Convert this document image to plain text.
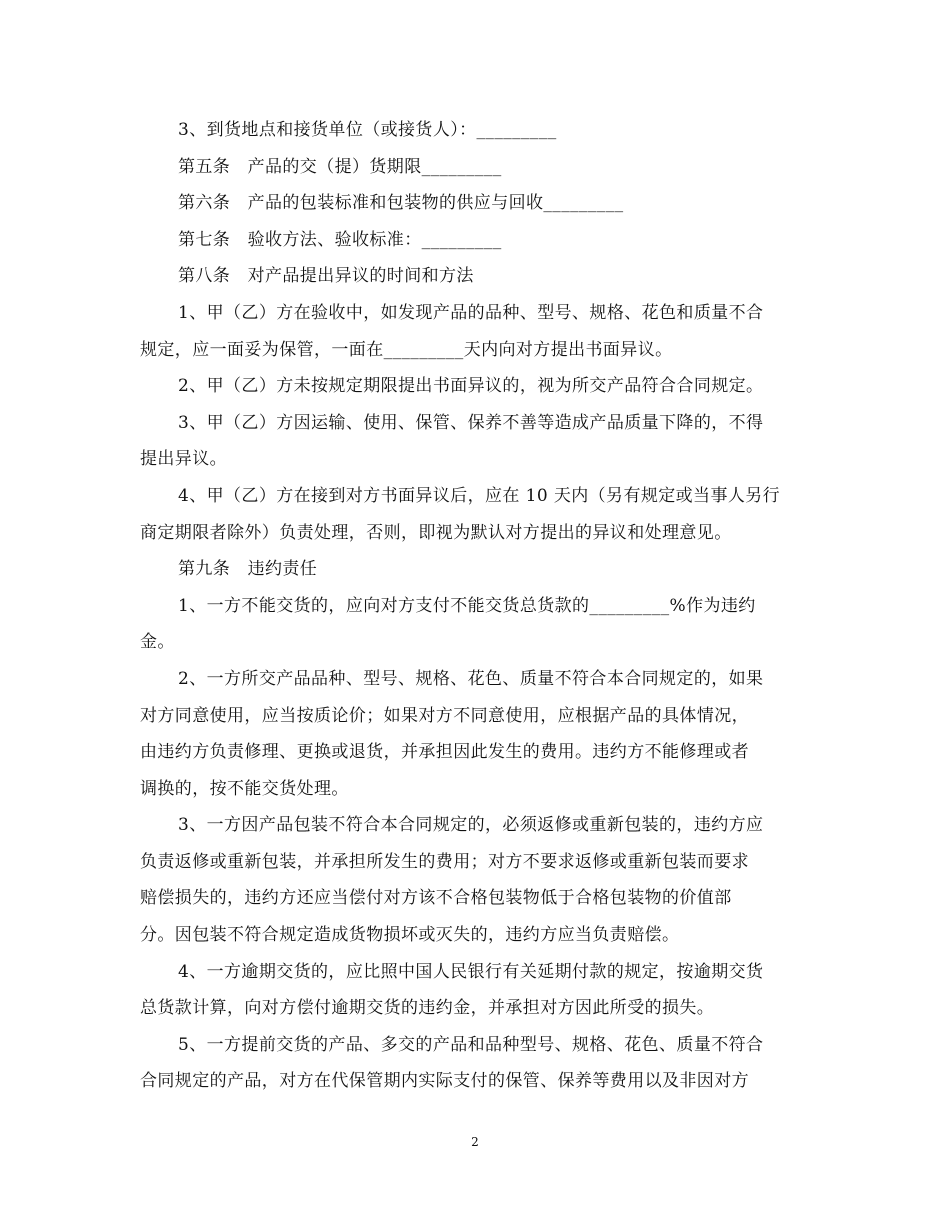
3、到货地点和接货单位（或接货人）：_________
第五条　产品的交（提）货期限_________
第六条　产品的包装标准和包装物的供应与回收_________
第七条　验收方法、验收标准：_________
第八条　对产品提出异议的时间和方法
1、甲（乙）方在验收中，如发现产品的品种、型号、规格、花色和质量不合
规定，应一面妥为保管，一面在_________天内向对方提出书面异议。
2、甲（乙）方未按规定期限提出书面异议的，视为所交产品符合合同规定。
3、甲（乙）方因运输、使用、保管、保养不善等造成产品质量下降的，不得
提出异议。
4、甲（乙）方在接到对方书面异议后，应在 10 天内（另有规定或当事人另行
商定期限者除外）负责处理，否则，即视为默认对方提出的异议和处理意见。
第九条　违约责任
1、一方不能交货的，应向对方支付不能交货总货款的_________%作为违约
金。
2、一方所交产品品种、型号、规格、花色、质量不符合本合同规定的，如果
对方同意使用，应当按质论价；如果对方不同意使用，应根据产品的具体情况，
由违约方负责修理、更换或退货，并承担因此发生的费用。违约方不能修理或者
调换的，按不能交货处理。
3、一方因产品包装不符合本合同规定的，必须返修或重新包装的，违约方应
负责返修或重新包装，并承担所发生的费用；对方不要求返修或重新包装而要求
赔偿损失的，违约方还应当偿付对方该不合格包装物低于合格包装物的价值部
分。因包装不符合规定造成货物损坏或灭失的，违约方应当负责赔偿。
4、一方逾期交货的，应比照中国人民银行有关延期付款的规定，按逾期交货
总货款计算，向对方偿付逾期交货的违约金，并承担对方因此所受的损失。
5、一方提前交货的产品、多交的产品和品种型号、规格、花色、质量不符合
合同规定的产品，对方在代保管期内实际支付的保管、保养等费用以及非因对方
2
